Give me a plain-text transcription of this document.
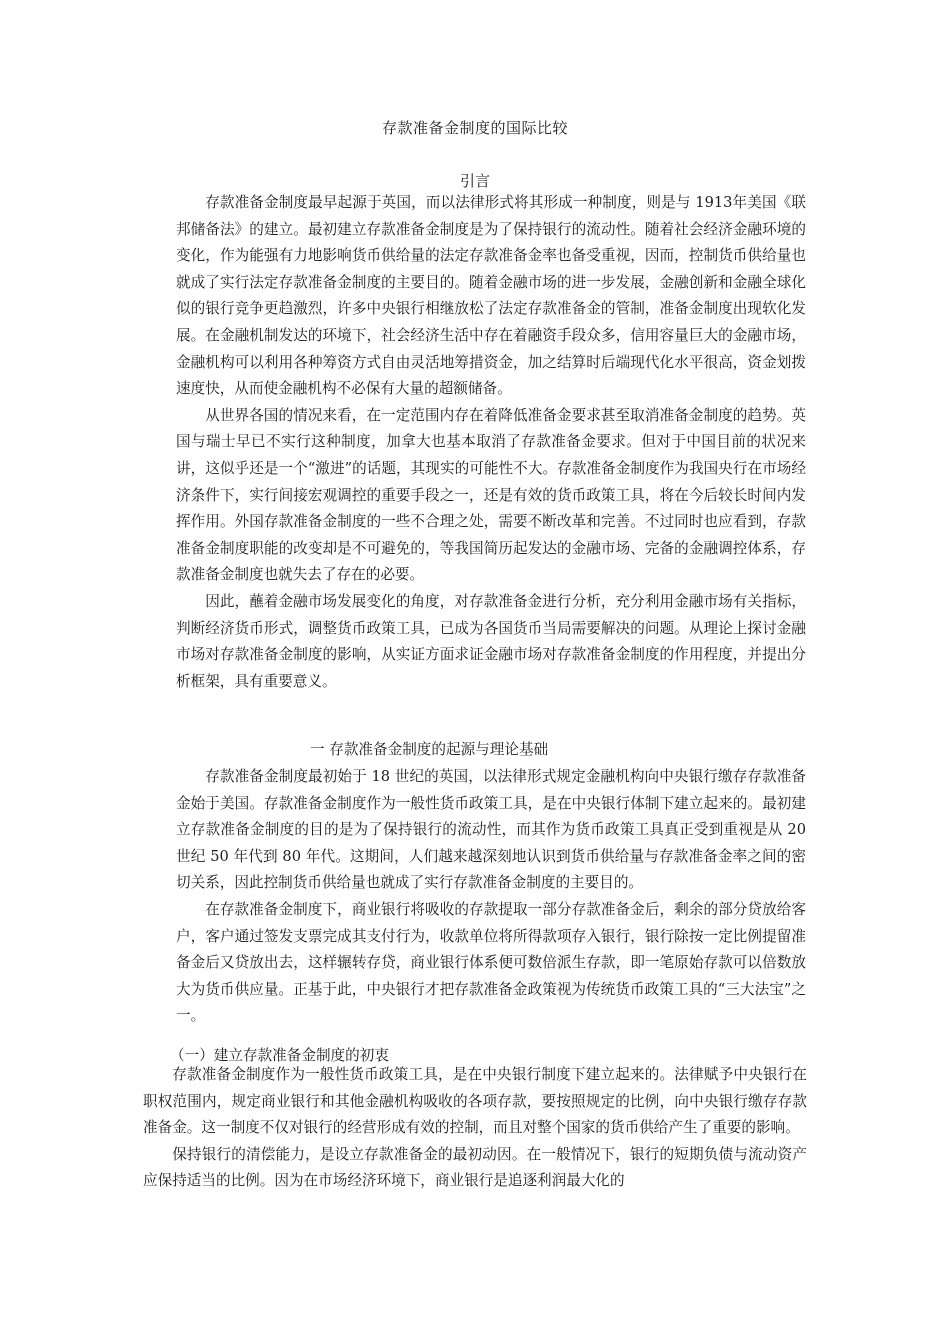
存款准备金制度的国际比较
引言

存款准备金制度最早起源于英国，而以法律形式将其形成一种制度，则是与 1913年美国《联邦储备法》的建立。最初建立存款准备金制度是为了保持银行的流动性。随着社会经济金融环境的变化，作为能强有力地影响货币供给量的法定存款准备金率也备受重视，因而，控制货币供给量也就成了实行法定存款准备金制度的主要目的。随着金融市场的进一步发展，金融创新和金融全球化似的银行竞争更趋激烈，许多中央银行相继放松了法定存款准备金的管制，准备金制度出现软化发展。在金融机制发达的环境下，社会经济生活中存在着融资手段众多，信用容量巨大的金融市场，金融机构可以利用各种筹资方式自由灵活地筹措资金，加之结算时后端现代化水平很高，资金划拨速度快，从而使金融机构不必保有大量的超额储备。

从世界各国的情况来看，在一定范围内存在着降低准备金要求甚至取消准备金制度的趋势。英国与瑞士早已不实行这种制度，加拿大也基本取消了存款准备金要求。但对于中国目前的状况来讲，这似乎还是一个“激进”的话题，其现实的可能性不大。存款准备金制度作为我国央行在市场经济条件下，实行间接宏观调控的重要手段之一，还是有效的货币政策工具，将在今后较长时间内发挥作用。外国存款准备金制度的一些不合理之处，需要不断改革和完善。不过同时也应看到，存款准备金制度职能的改变却是不可避免的，等我国简历起发达的金融市场、完备的金融调控体系，存款准备金制度也就失去了存在的必要。

因此，蘸着金融市场发展变化的角度，对存款准备金进行分析，充分利用金融市场有关指标，判断经济货币形式，调整货币政策工具，已成为各国货币当局需要解决的问题。从理论上探讨金融市场对存款准备金制度的影响，从实证方面求证金融市场对存款准备金制度的作用程度，并提出分析框架，具有重要意义。

一 存款准备金制度的起源与理论基础

存款准备金制度最初始于 18 世纪的英国，以法律形式规定金融机构向中央银行缴存存款准备金始于美国。存款准备金制度作为一般性货币政策工具，是在中央银行体制下建立起来的。最初建立存款准备金制度的目的是为了保持银行的流动性，而其作为货币政策工具真正受到重视是从 20 世纪 50 年代到 80 年代。这期间，人们越来越深刻地认识到货币供给量与存款准备金率之间的密切关系，因此控制货币供给量也就成了实行存款准备金制度的主要目的。

在存款准备金制度下，商业银行将吸收的存款提取一部分存款准备金后，剩余的部分贷放给客户，客户通过签发支票完成其支付行为，收款单位将所得款项存入银行，银行除按一定比例提留准备金后又贷放出去，这样辗转存贷，商业银行体系便可数倍派生存款，即一笔原始存款可以倍数放大为货币供应量。正基于此，中央银行才把存款准备金政策视为传统货币政策工具的“三大法宝”之一。

（一）建立存款准备金制度的初衷

存款准备金制度作为一般性货币政策工具，是在中央银行制度下建立起来的。法律赋予中央银行在职权范围内，规定商业银行和其他金融机构吸收的各项存款，要按照规定的比例，向中央银行缴存存款准备金。这一制度不仅对银行的经营形成有效的控制，而且对整个国家的货币供给产生了重要的影响。

保持银行的清偿能力，是设立存款准备金的最初动因。在一般情况下，银行的短期负债与流动资产应保持适当的比例。因为在市场经济环境下，商业银行是追逐利润最大化的
